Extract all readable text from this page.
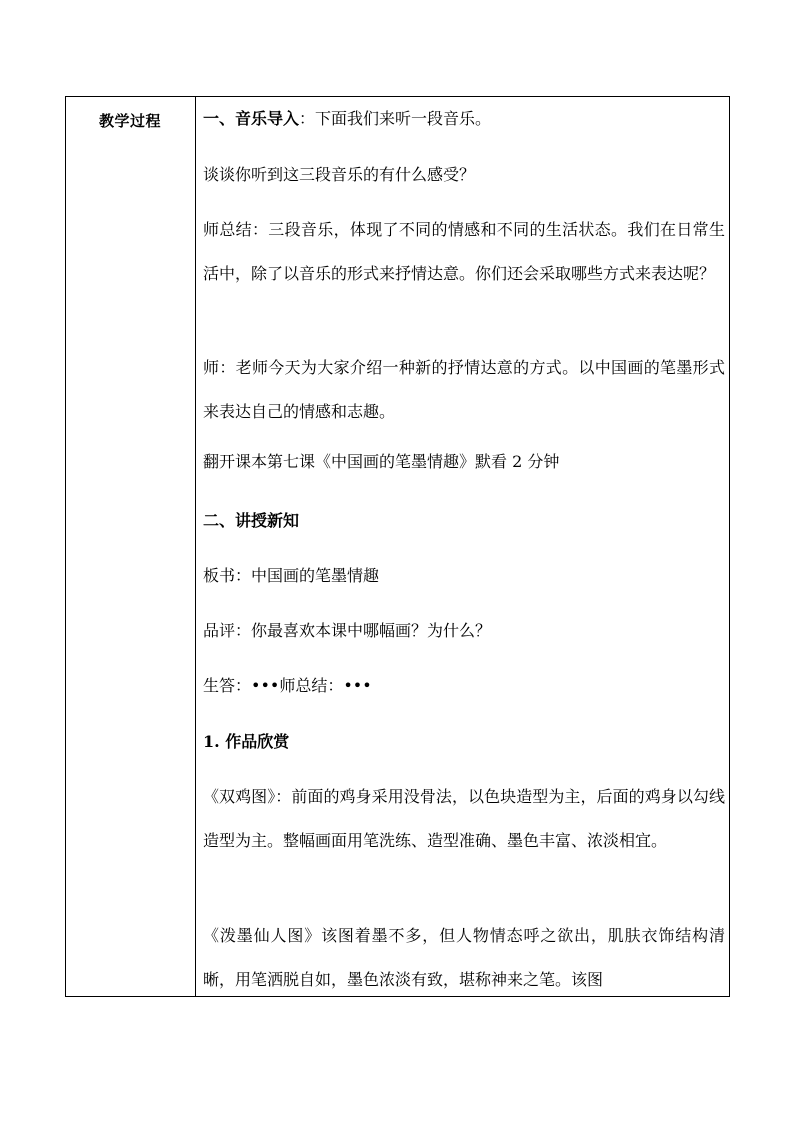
教学过程	一、音乐导入：下面我们来听一段音乐。

谈谈你听到这三段音乐的有什么感受？

师总结：三段音乐，体现了不同的情感和不同的生活状态。我们在日常生活中，除了以音乐的形式来抒情达意。你们还会采取哪些方式来表达呢？

师：老师今天为大家介绍一种新的抒情达意的方式。以中国画的笔墨形式来表达自己的情感和志趣。

翻开课本第七课《中国画的笔墨情趣》默看 2 分钟

二、讲授新知

板书：中国画的笔墨情趣

品评：你最喜欢本课中哪幅画？为什么？

生答：•••师总结：•••

1. 作品欣赏

《双鸡图》：前面的鸡身采用没骨法，以色块造型为主，后面的鸡身以勾线造型为主。整幅画面用笔洗练、造型准确、墨色丰富、浓淡相宜。

《泼墨仙人图》该图着墨不多，但人物情态呼之欲出，肌肤衣饰结构清晰，用笔洒脱自如，墨色浓淡有致，堪称神来之笔。该图
